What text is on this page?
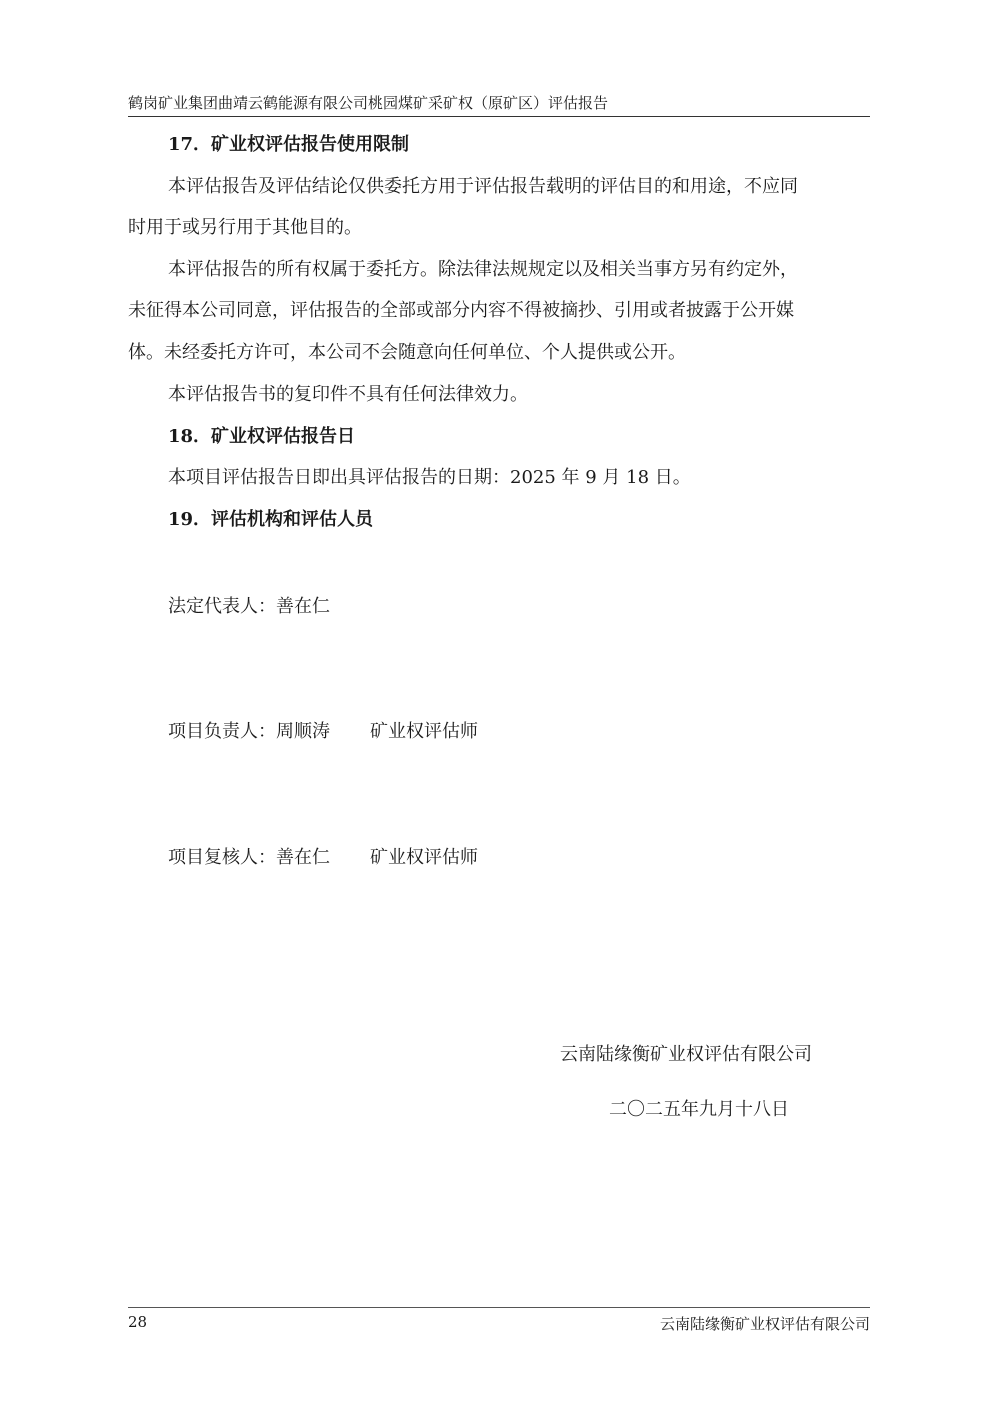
鹤岗矿业集团曲靖云鹤能源有限公司桃园煤矿采矿权（原矿区）评估报告
17．矿业权评估报告使用限制
本评估报告及评估结论仅供委托方用于评估报告载明的评估目的和用途，不应同
时用于或另行用于其他目的。
本评估报告的所有权属于委托方。除法律法规规定以及相关当事方另有约定外，
未征得本公司同意，评估报告的全部或部分内容不得被摘抄、引用或者披露于公开媒
体。未经委托方许可，本公司不会随意向任何单位、个人提供或公开。
本评估报告书的复印件不具有任何法律效力。
18．矿业权评估报告日
本项目评估报告日即出具评估报告的日期：2025 年 9 月 18 日。
19．评估机构和评估人员
法定代表人：善在仁
项目负责人：周顺涛 矿业权评估师
项目复核人：善在仁 矿业权评估师
云南陆缘衡矿业权评估有限公司
二〇二五年九月十八日
28	云南陆缘衡矿业权评估有限公司
